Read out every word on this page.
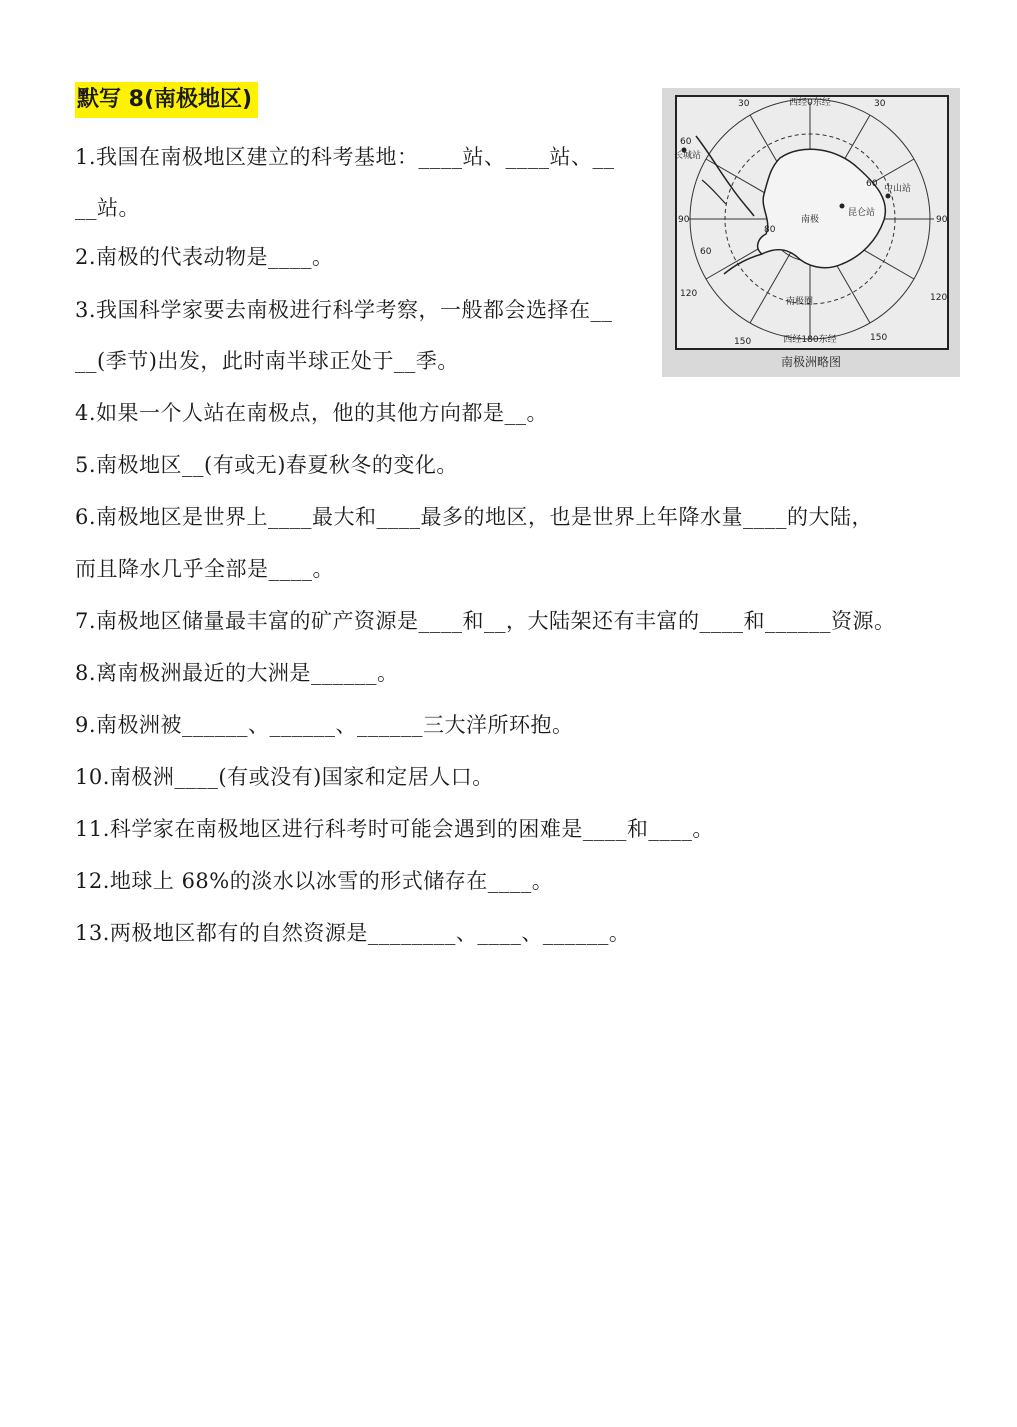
默写 8(南极地区)
1.我国在南极地区建立的科考基地：____站、____站、__
__站。
2.南极的代表动物是____。
3.我国科学家要去南极进行科学考察，一般都会选择在__
__(季节)出发，此时南半球正处于__季。
4.如果一个人站在南极点，他的其他方向都是__。
5.南极地区__(有或无)春夏秋冬的变化。
6.南极地区是世界上____最大和____最多的地区，也是世界上年降水量____的大陆，
而且降水几乎全部是____。
7.南极地区储量最丰富的矿产资源是____和__，大陆架还有丰富的____和______资源。
8.离南极洲最近的大洲是______。
9.南极洲被______、______、______三大洋所环抱。
10.南极洲____(有或没有)国家和定居人口。
11.科学家在南极地区进行科考时可能会遇到的困难是____和____。
12.地球上 68%的淡水以冰雪的形式储存在____。
13.两极地区都有的自然资源是________、____、______。
西经0东经
西经180东经
南极
长城站
中山站
昆仑站
南极圈
30	30
60
60
90	90
120	120
150	150
60
80
南极洲略图
